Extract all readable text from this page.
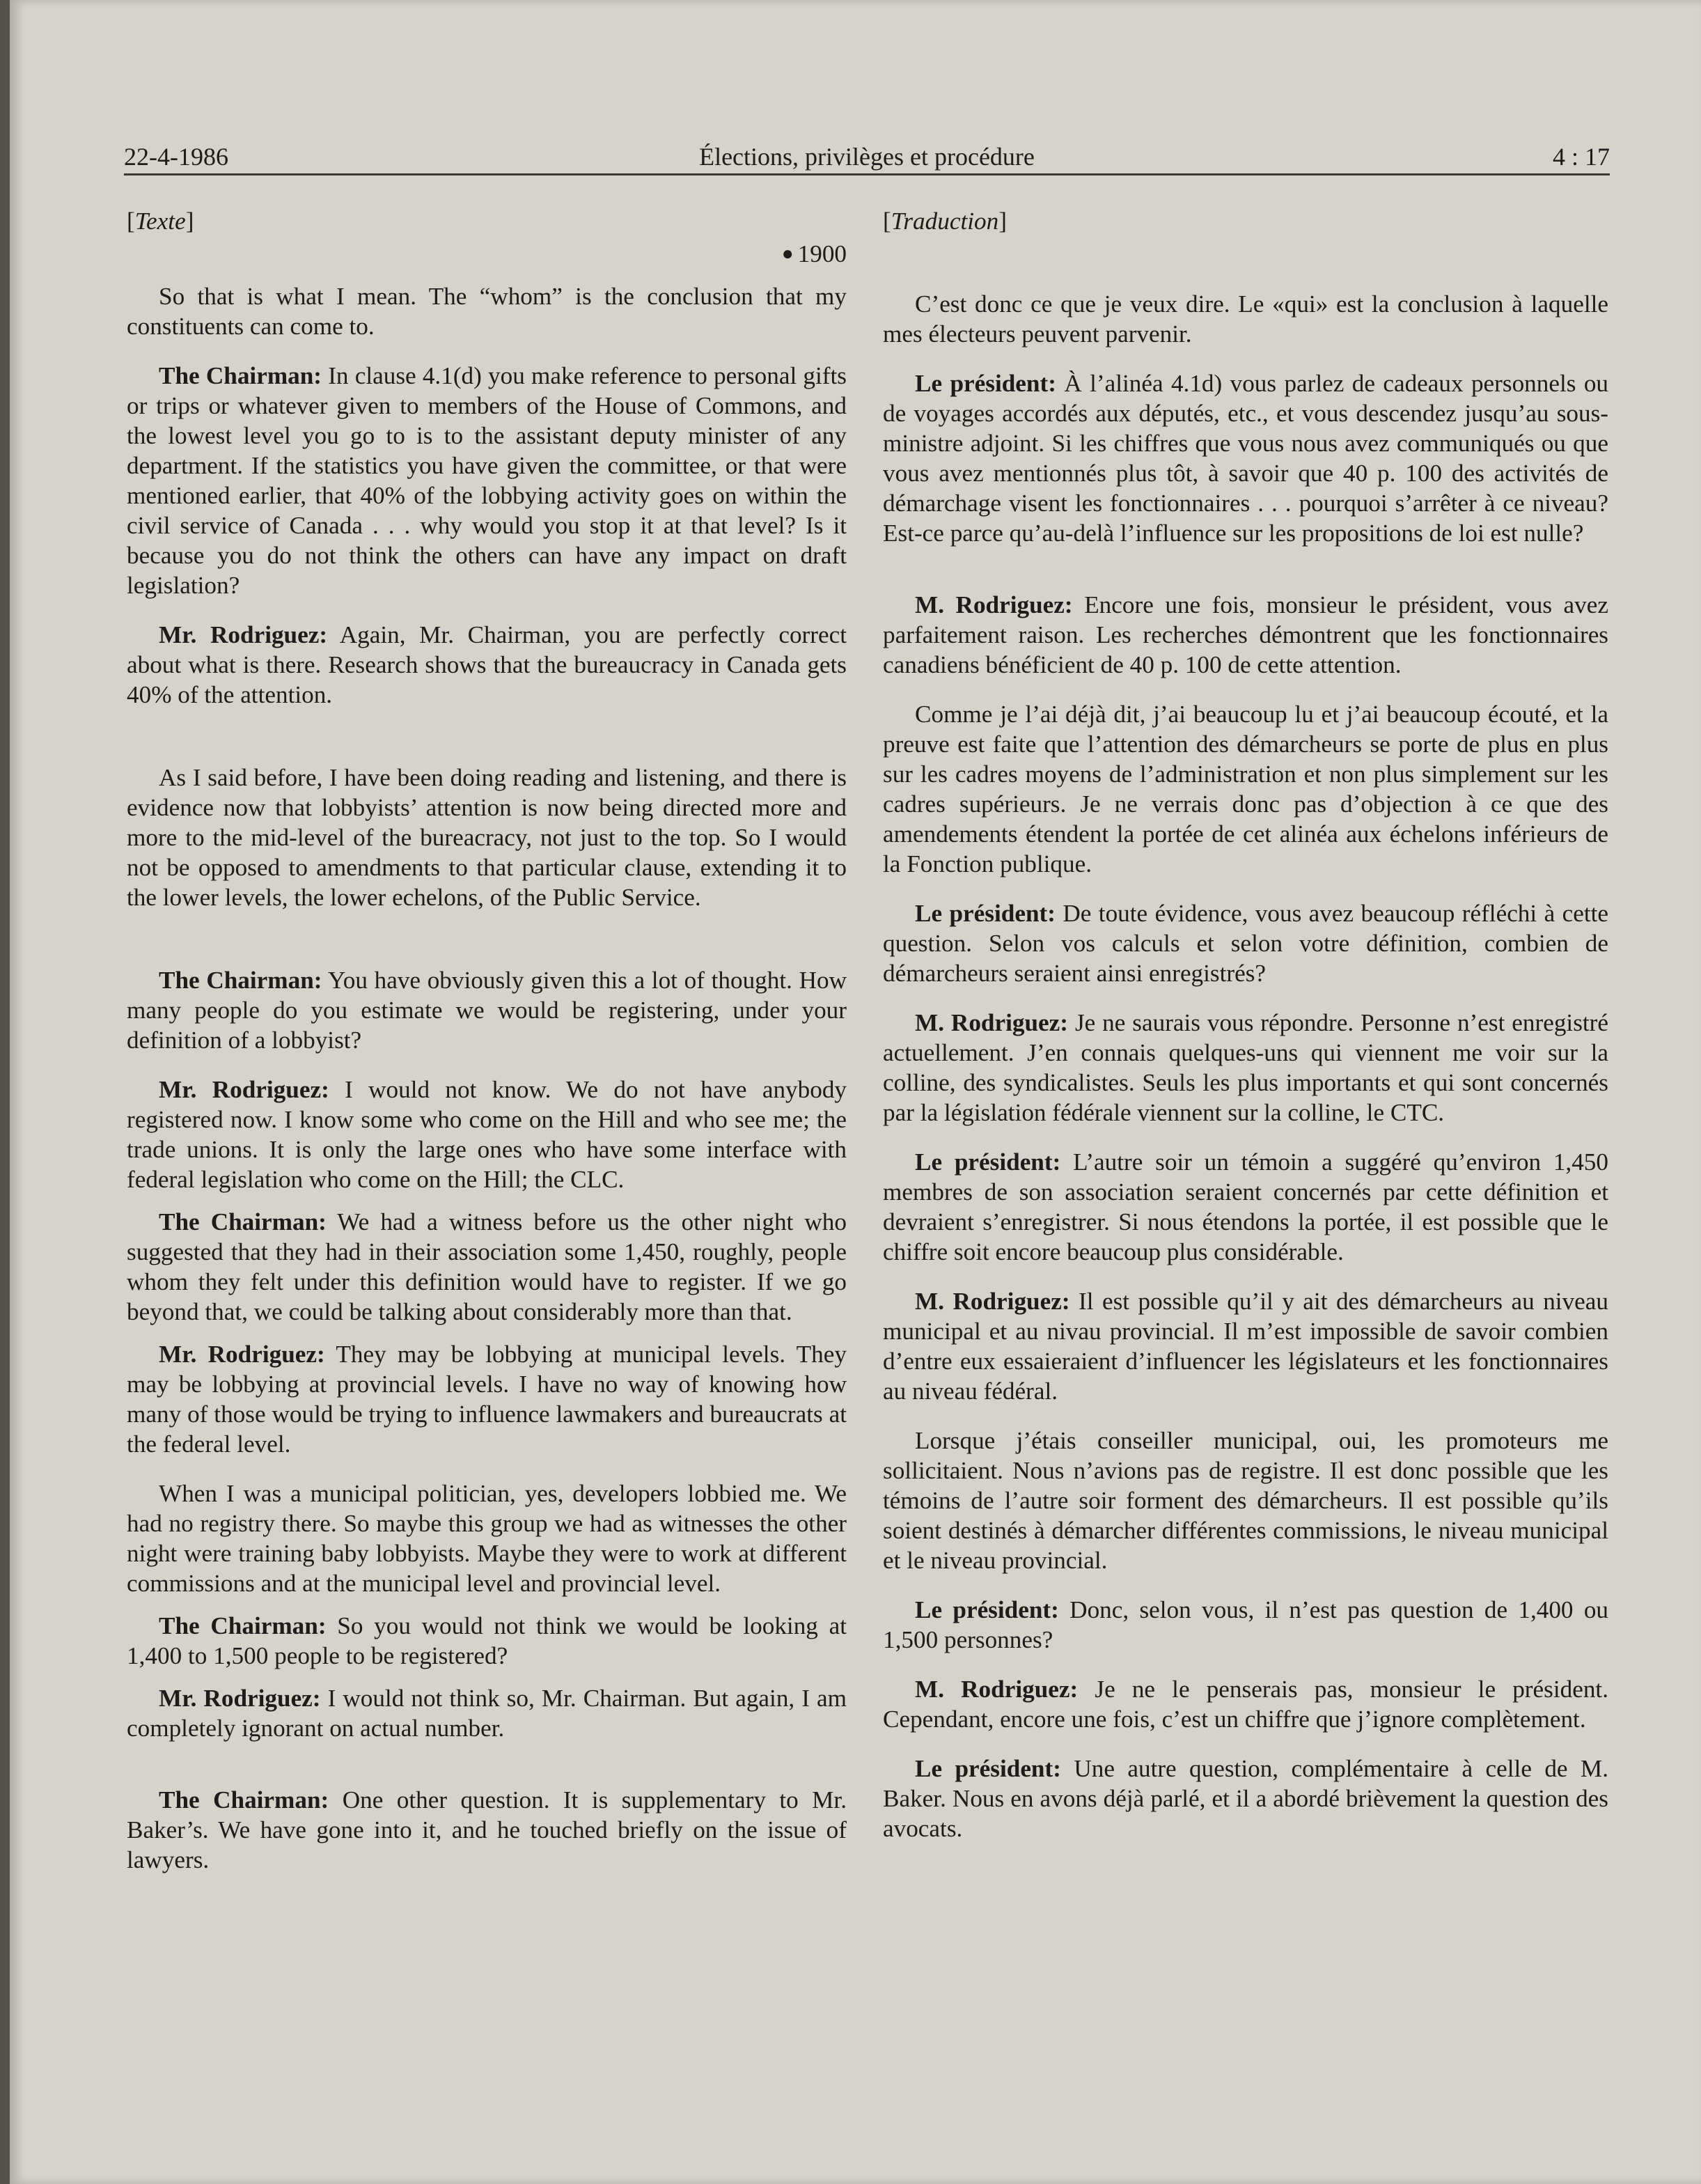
22-4-1986	Élections, privilèges et procédure	4 : 17

[Texte]

● 1900

So that is what I mean. The “whom” is the conclusion that my constituents can come to.

The Chairman: In clause 4.1(d) you make reference to personal gifts or trips or whatever given to members of the House of Commons, and the lowest level you go to is to the assistant deputy minister of any department. If the statistics you have given the committee, or that were mentioned earlier, that 40% of the lobbying activity goes on within the civil service of Canada . . . why would you stop it at that level? Is it because you do not think the others can have any impact on draft legislation?

Mr. Rodriguez: Again, Mr. Chairman, you are perfectly correct about what is there. Research shows that the bureaucracy in Canada gets 40% of the attention.

As I said before, I have been doing reading and listening, and there is evidence now that lobbyists’ attention is now being directed more and more to the mid-level of the bureacracy, not just to the top. So I would not be opposed to amendments to that particular clause, extending it to the lower levels, the lower echelons, of the Public Service.

The Chairman: You have obviously given this a lot of thought. How many people do you estimate we would be registering, under your definition of a lobbyist?

Mr. Rodriguez: I would not know. We do not have anybody registered now. I know some who come on the Hill and who see me; the trade unions. It is only the large ones who have some interface with federal legislation who come on the Hill; the CLC.

The Chairman: We had a witness before us the other night who suggested that they had in their association some 1,450, roughly, people whom they felt under this definition would have to register. If we go beyond that, we could be talking about considerably more than that.

Mr. Rodriguez: They may be lobbying at municipal levels. They may be lobbying at provincial levels. I have no way of knowing how many of those would be trying to influence lawmakers and bureaucrats at the federal level.

When I was a municipal politician, yes, developers lobbied me. We had no registry there. So maybe this group we had as witnesses the other night were training baby lobbyists. Maybe they were to work at different commissions and at the municipal level and provincial level.

The Chairman: So you would not think we would be looking at 1,400 to 1,500 people to be registered?

Mr. Rodriguez: I would not think so, Mr. Chairman. But again, I am completely ignorant on actual number.

The Chairman: One other question. It is supplementary to Mr. Baker’s. We have gone into it, and he touched briefly on the issue of lawyers.

[Traduction]

C’est donc ce que je veux dire. Le «qui» est la conclusion à laquelle mes électeurs peuvent parvenir.

Le président: À l’alinéa 4.1d) vous parlez de cadeaux personnels ou de voyages accordés aux députés, etc., et vous descendez jusqu’au sous-ministre adjoint. Si les chiffres que vous nous avez communiqués ou que vous avez mentionnés plus tôt, à savoir que 40 p. 100 des activités de démarchage visent les fonctionnaires . . . pourquoi s’arrêter à ce niveau? Est-ce parce qu’au-delà l’influence sur les propositions de loi est nulle?

M. Rodriguez: Encore une fois, monsieur le président, vous avez parfaitement raison. Les recherches démontrent que les fonctionnaires canadiens bénéficient de 40 p. 100 de cette attention.

Comme je l’ai déjà dit, j’ai beaucoup lu et j’ai beaucoup écouté, et la preuve est faite que l’attention des démarcheurs se porte de plus en plus sur les cadres moyens de l’administration et non plus simplement sur les cadres supérieurs. Je ne verrais donc pas d’objection à ce que des amendements étendent la portée de cet alinéa aux échelons inférieurs de la Fonction publique.

Le président: De toute évidence, vous avez beaucoup réfléchi à cette question. Selon vos calculs et selon votre définition, combien de démarcheurs seraient ainsi enregistrés?

M. Rodriguez: Je ne saurais vous répondre. Personne n’est enregistré actuellement. J’en connais quelques-uns qui viennent me voir sur la colline, des syndicalistes. Seuls les plus importants et qui sont concernés par la législation fédérale viennent sur la colline, le CTC.

Le président: L’autre soir un témoin a suggéré qu’environ 1,450 membres de son association seraient concernés par cette définition et devraient s’enregistrer. Si nous étendons la portée, il est possible que le chiffre soit encore beaucoup plus considérable.

M. Rodriguez: Il est possible qu’il y ait des démarcheurs au niveau municipal et au nivau provincial. Il m’est impossible de savoir combien d’entre eux essaieraient d’influencer les législateurs et les fonctionnaires au niveau fédéral.

Lorsque j’étais conseiller municipal, oui, les promoteurs me sollicitaient. Nous n’avions pas de registre. Il est donc possible que les témoins de l’autre soir forment des démarcheurs. Il est possible qu’ils soient destinés à démarcher différentes commissions, le niveau municipal et le niveau provincial.

Le président: Donc, selon vous, il n’est pas question de 1,400 ou 1,500 personnes?

M. Rodriguez: Je ne le penserais pas, monsieur le président. Cependant, encore une fois, c’est un chiffre que j’ignore complètement.

Le président: Une autre question, complémentaire à celle de M. Baker. Nous en avons déjà parlé, et il a abordé brièvement la question des avocats.
